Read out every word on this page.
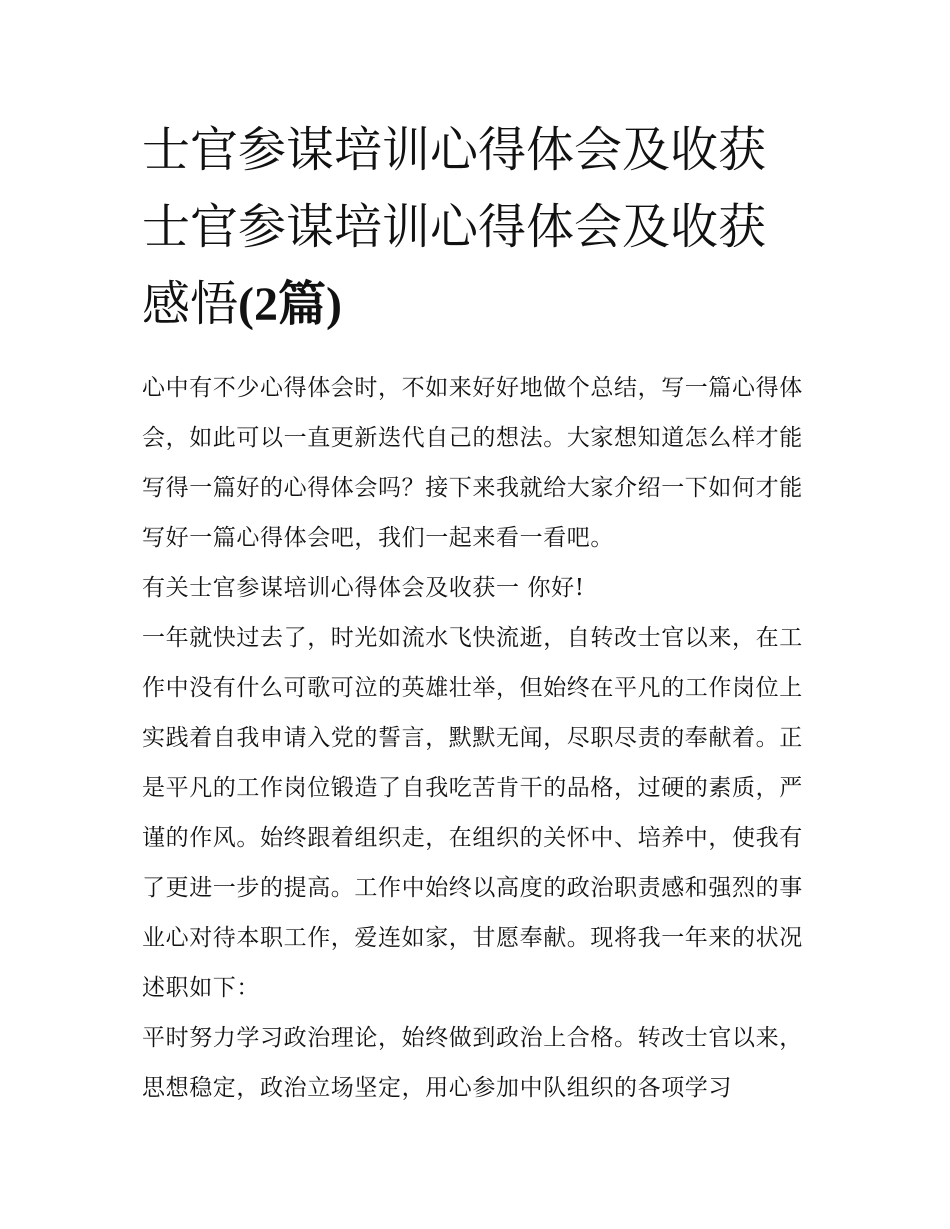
士官参谋培训心得体会及收获
士官参谋培训心得体会及收获
感悟(2篇)

心中有不少心得体会时，不如来好好地做个总结，写一篇心得体会，如此可以一直更新迭代自己的想法。大家想知道怎么样才能写得一篇好的心得体会吗？接下来我就给大家介绍一下如何才能写好一篇心得体会吧，我们一起来看一看吧。

有关士官参谋培训心得体会及收获一 你好!

一年就快过去了，时光如流水飞快流逝，自转改士官以来，在工作中没有什么可歌可泣的英雄壮举，但始终在平凡的工作岗位上实践着自我申请入党的誓言，默默无闻，尽职尽责的奉献着。正是平凡的工作岗位锻造了自我吃苦肯干的品格，过硬的素质，严谨的作风。始终跟着组织走，在组织的关怀中、培养中，使我有了更进一步的提高。工作中始终以高度的政治职责感和强烈的事业心对待本职工作，爱连如家，甘愿奉献。现将我一年来的状况述职如下：

平时努力学习政治理论，始终做到政治上合格。转改士官以来，思想稳定，政治立场坚定，用心参加中队组织的各项学习
